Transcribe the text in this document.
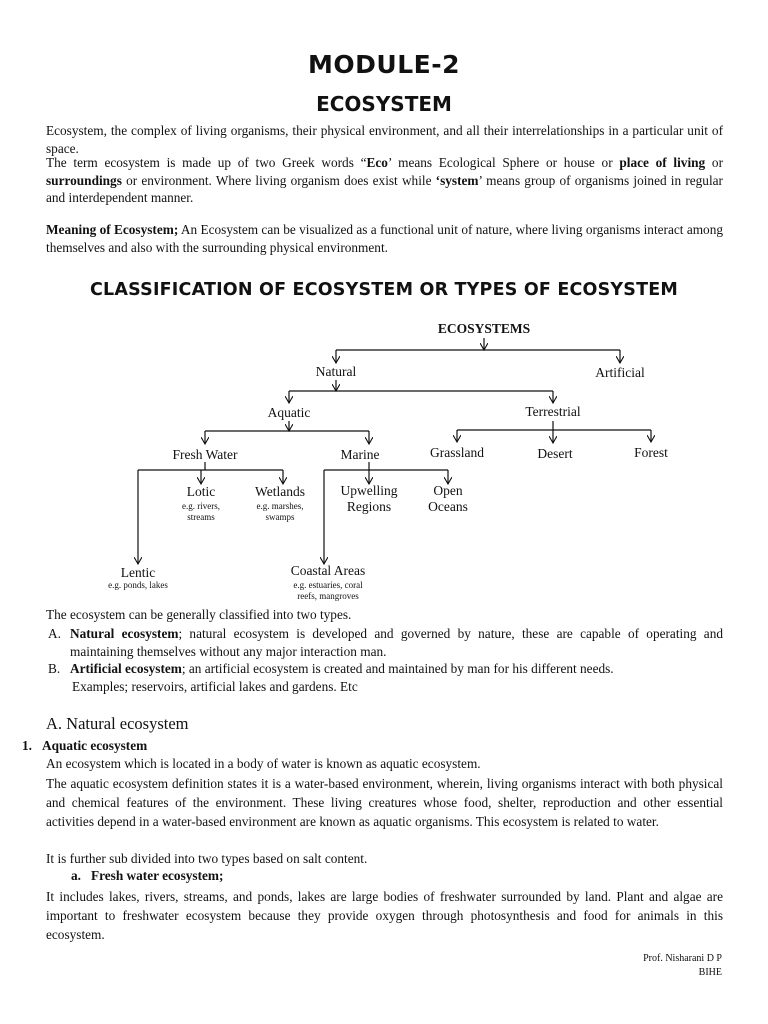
MODULE-2
ECOSYSTEM

Ecosystem, the complex of living organisms, their physical environment, and all their interrelationships in a particular unit of space.

The term ecosystem is made up of two Greek words “Eco’ means Ecological Sphere or house or place of living or surroundings or environment. Where living organism does exist while ‘system’ means group of organisms joined in regular and interdependent manner.

Meaning of Ecosystem; An Ecosystem can be visualized as a functional unit of nature, where living organisms interact among themselves and also with the surrounding physical environment.

CLASSIFICATION OF ECOSYSTEM OR TYPES OF ECOSYSTEM
ECOSYSTEMS
Natural	Artificial
Aquatic	Terrestrial
Fresh Water	Marine	Grassland	Desert	Forest
Lotic
e.g. rivers,
streams
Wetlands
e.g. marshes,
swamps
Upwelling
Regions
Open
Oceans
Lentic
e.g. ponds, lakes
Coastal Areas
e.g. estuaries, coral
reefs, mangroves

The ecosystem can be generally classified into two types.

A. Natural ecosystem; natural ecosystem is developed and governed by nature, these are capable of operating and maintaining themselves without any major interaction man.
B. Artificial ecosystem; an artificial ecosystem is created and maintained by man for his different needs.
Examples; reservoirs, artificial lakes and gardens. Etc
A. Natural ecosystem
1. Aquatic ecosystem

An ecosystem which is located in a body of water is known as aquatic ecosystem.

The aquatic ecosystem definition states it is a water-based environment, wherein, living organisms interact with both physical and chemical features of the environment. These living creatures whose food, shelter, reproduction and other essential activities depend in a water-based environment are known as aquatic organisms. This ecosystem is related to water.

It is further sub divided into two types based on salt content.

a. Fresh water ecosystem;

It includes lakes, rivers, streams, and ponds, lakes are large bodies of freshwater surrounded by land. Plant and algae are important to freshwater ecosystem because they provide oxygen through photosynthesis and food for animals in this ecosystem.

Prof. Nisharani D P
BIHE
